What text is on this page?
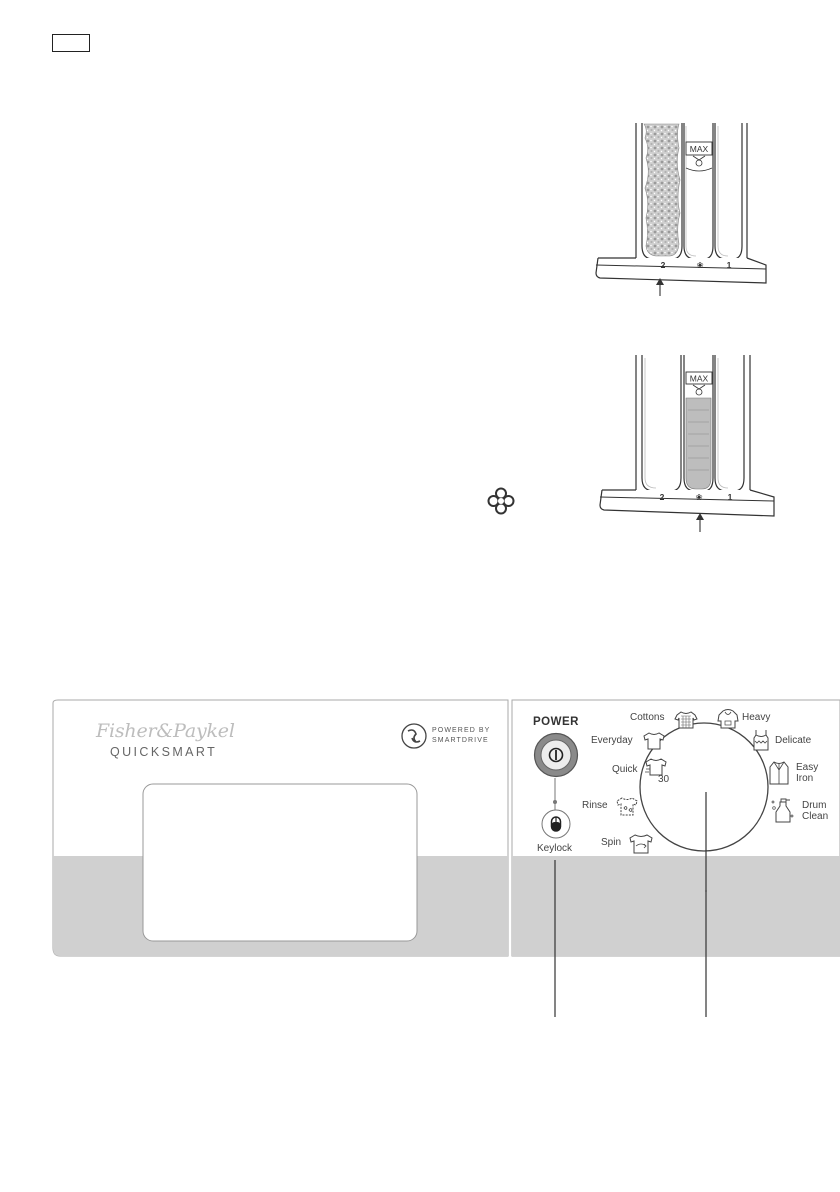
MAX
2	❀	1
MAX
2	❀	1
Fisher&Paykel
QUICKSMART
POWERED BY
SMARTDRIVE
POWER
Keylock
Cottons	Heavy
Everyday	Delicate
Quick
30
Easy
Iron
Rinse	Drum
Clean
Spin
